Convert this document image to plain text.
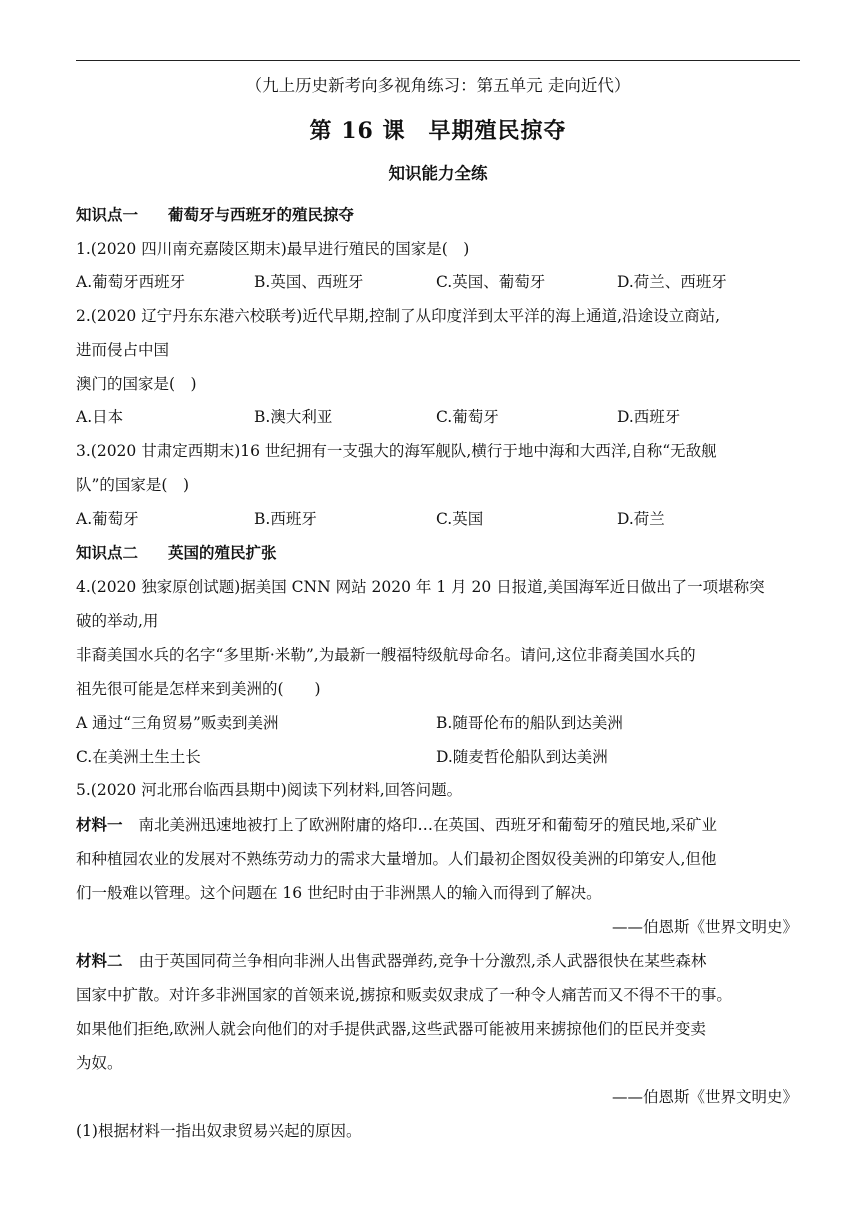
（九上历史新考向多视角练习：第五单元 走向近代）
第 16 课　早期殖民掠夺
知识能力全练
知识点一 葡萄牙与西班牙的殖民掠夺
1.(2020 四川南充嘉陵区期末)最早进行殖民的国家是(　)
A.葡萄牙西班牙	B.英国、西班牙	C.英国、葡萄牙	D.荷兰、西班牙
2.(2020 辽宁丹东东港六校联考)近代早期,控制了从印度洋到太平洋的海上通道,沿途设立商站,
进而侵占中国
澳门的国家是(　)
A.日本	B.澳大利亚	C.葡萄牙	D.西班牙
3.(2020 甘肃定西期末)16 世纪拥有一支强大的海军舰队,横行于地中海和大西洋,自称“无敌舰
队”的国家是(　)
A.葡萄牙	B.西班牙	C.英国	D.荷兰
知识点二 英国的殖民扩张
4.(2020 独家原创试题)据美国 CNN 网站 2020 年 1 月 20 日报道,美国海军近日做出了一项堪称突
破的举动,用
非裔美国水兵的名字“多里斯·米勒”,为最新一艘福特级航母命名。请问,这位非裔美国水兵的
祖先很可能是怎样来到美洲的(　　)
A 通过“三角贸易”贩卖到美洲	B.随哥伦布的船队到达美洲
C.在美洲土生土长	D.随麦哲伦船队到达美洲
5.(2020 河北邢台临西县期中)阅读下列材料,回答问题。
材料一 南北美洲迅速地被打上了欧洲附庸的烙印…在英国、西班牙和葡萄牙的殖民地,采矿业
和种植园农业的发展对不熟练劳动力的需求大量增加。人们最初企图奴役美洲的印第安人,但他
们一般难以管理。这个问题在 16 世纪时由于非洲黑人的输入而得到了解决。
——伯恩斯《世界文明史》
材料二 由于英国同荷兰争相向非洲人出售武器弹药,竞争十分激烈,杀人武器很快在某些森林
国家中扩散。对许多非洲国家的首领来说,掳掠和贩卖奴隶成了一种令人痛苦而又不得不干的事。
如果他们拒绝,欧洲人就会向他们的对手提供武器,这些武器可能被用来掳掠他们的臣民并变卖
为奴。
——伯恩斯《世界文明史》
(1)根据材料一指出奴隶贸易兴起的原因。
